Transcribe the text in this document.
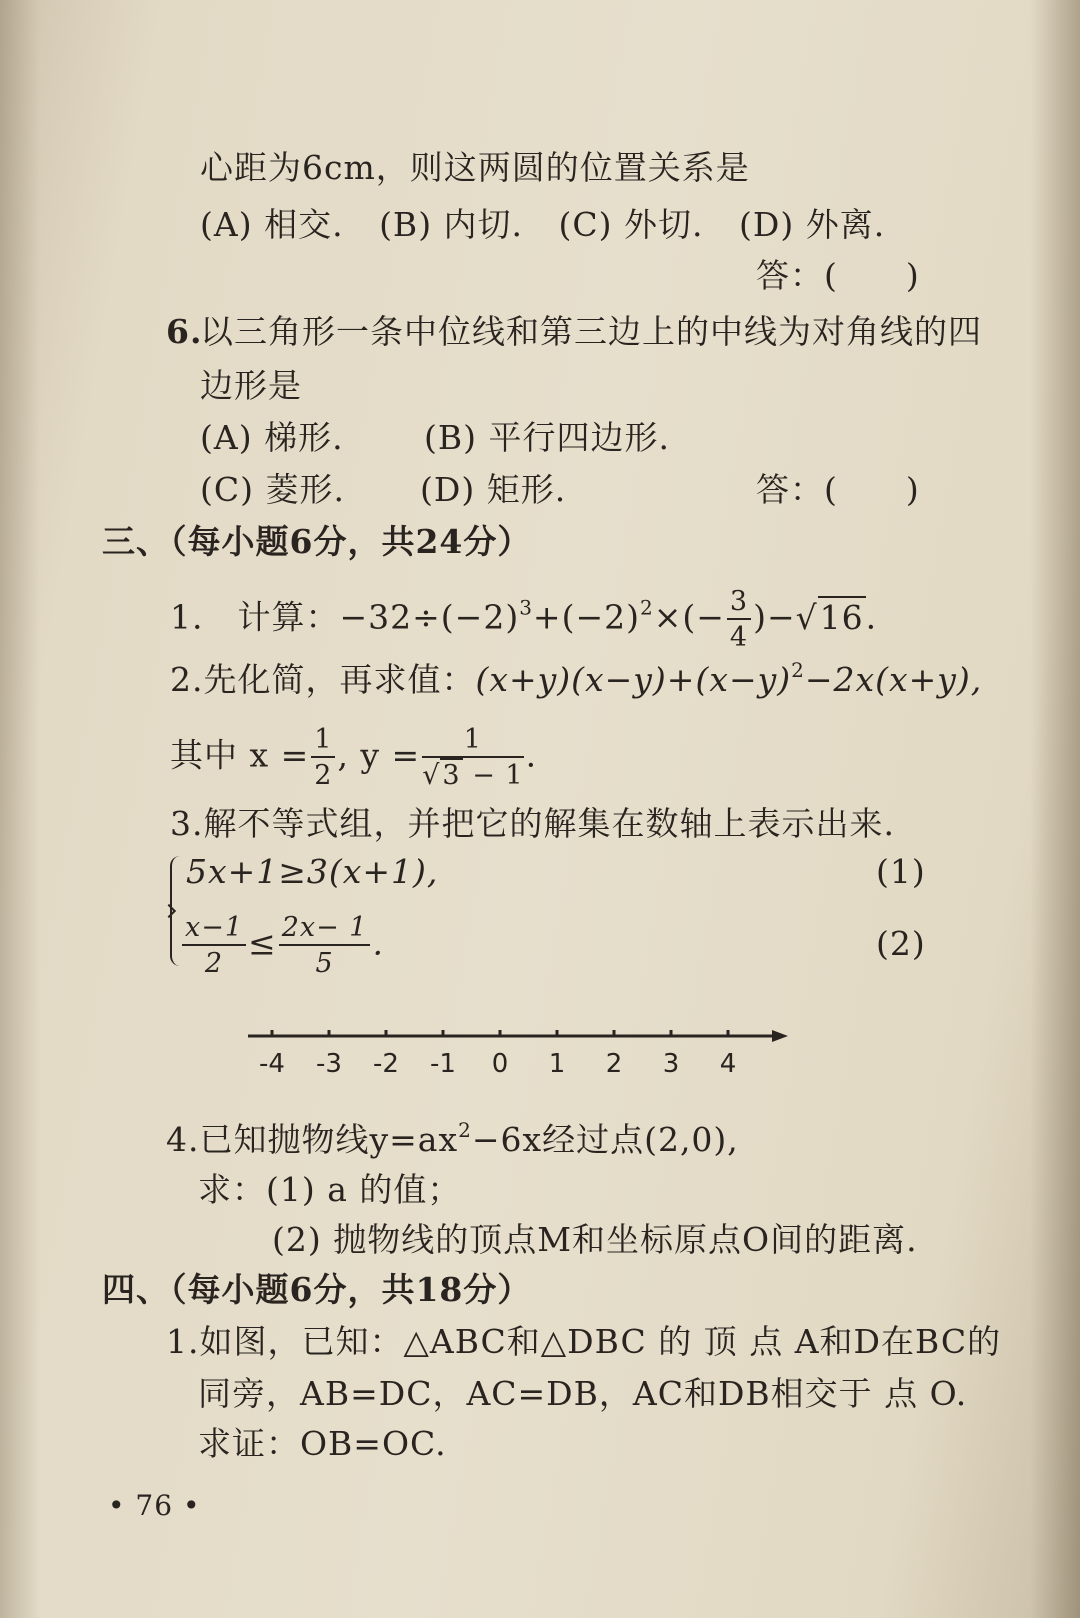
心距为6cm，则这两圆的位置关系是
(A) 相交. (B) 内切. (C) 外切. (D) 外离.
答：(　　)
6.
以三角形一条中位线和第三边上的中线为对角线的四
边形是
(A) 梯形. (B) 平行四边形.
(C) 菱形. (D) 矩形.	答：(　　)
三、（每小题6分，共24分）
1.　计算：$-32\div(-2)^3+(-2)^2\times(- \frac{3}{4} )-√16$.
2.先化简，再求值：$(x+y)(x-y)+(x-y)^2-2x(x+y)$,
其中 $x = \frac{1}{2}$ , $y = \frac{1}{√3 - 1}$ .
3.解不等式组，并把它的解集在数轴上表示出来.
5x+1≥3(x+1),	(1)
$\frac{x-1}{2} \le \frac{2x- 1}{5}$ .	(2)
-4 -3 -2 -1 0 1 2 3 4
4.已知抛物线$y=ax^2-6x$经过点(2,0),
求：(1) a 的值；
(2) 抛物线的顶点M和坐标原点O间的距离.
四、（每小题6分，共18分）
1.如图，已知：△ABC和△DBC 的 顶 点 A和D在BC的
同旁，AB=DC，AC=DB，AC和DB相交于 点 O.
求证：OB=OC.
• 76 •
